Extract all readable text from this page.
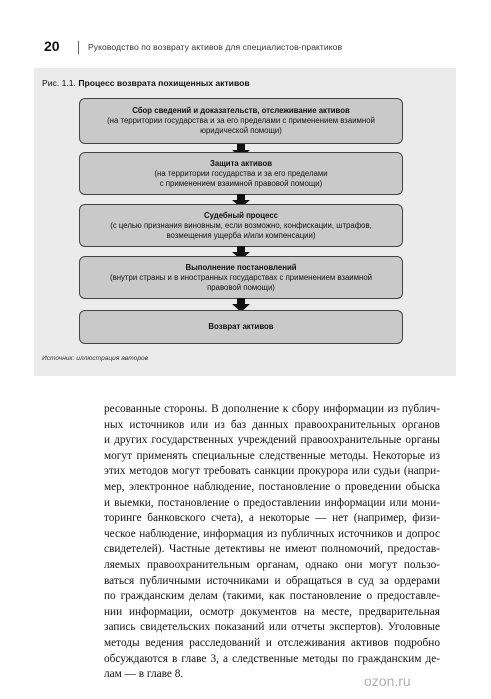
20	Руководство по возврату активов для специалистов-практиков
Рис. 1.1. Процесс возврата похищенных активов
Сбор сведений и доказательств, отслеживание активов
(на территории государства и за его пределами с применением взаимной
юридической помощи)
Защита активов
(на территории государства и за его пределами
с применением взаимной правовой помощи)
Судебный процесс
(с целью признания виновным, если возможно, конфискации, штрафов,
возмещения ущерба и/или компенсации)
Выполнение постановлений
(внутри страны и в иностранных государствах с применением взаимной
правовой помощи)
Возврат активов
Источник: иллюстрация авторов
ресованные стороны. В дополнение к сбору информации из публич-
ных источников или из баз данных правоохранительных органов
и других государственных учреждений правоохранительные органы
могут применять специальные следственные методы. Некоторые из
этих методов могут требовать санкции прокурора или судьи (напри-
мер, электронное наблюдение, постановление о проведении обыска
и выемки, постановление о предоставлении информации или мони-
торинге банковского счета), а некоторые — нет (например, физи-
ческое наблюдение, информация из публичных источников и допрос
свидетелей). Частные детективы не имеют полномочий, предостав-
ляемых правоохранительным органам, однако они могут пользо-
ваться публичными источниками и обращаться в суд за ордерами
по гражданским делам (такими, как постановление о предоставле-
нии информации, осмотр документов на месте, предварительная
запись свидетельских показаний или отчеты экспертов). Уголовные
методы ведения расследований и отслеживания активов подробно
обсуждаются в главе 3, а следственные методы по гражданским де-
лам — в главе 8.	ozon.ru
